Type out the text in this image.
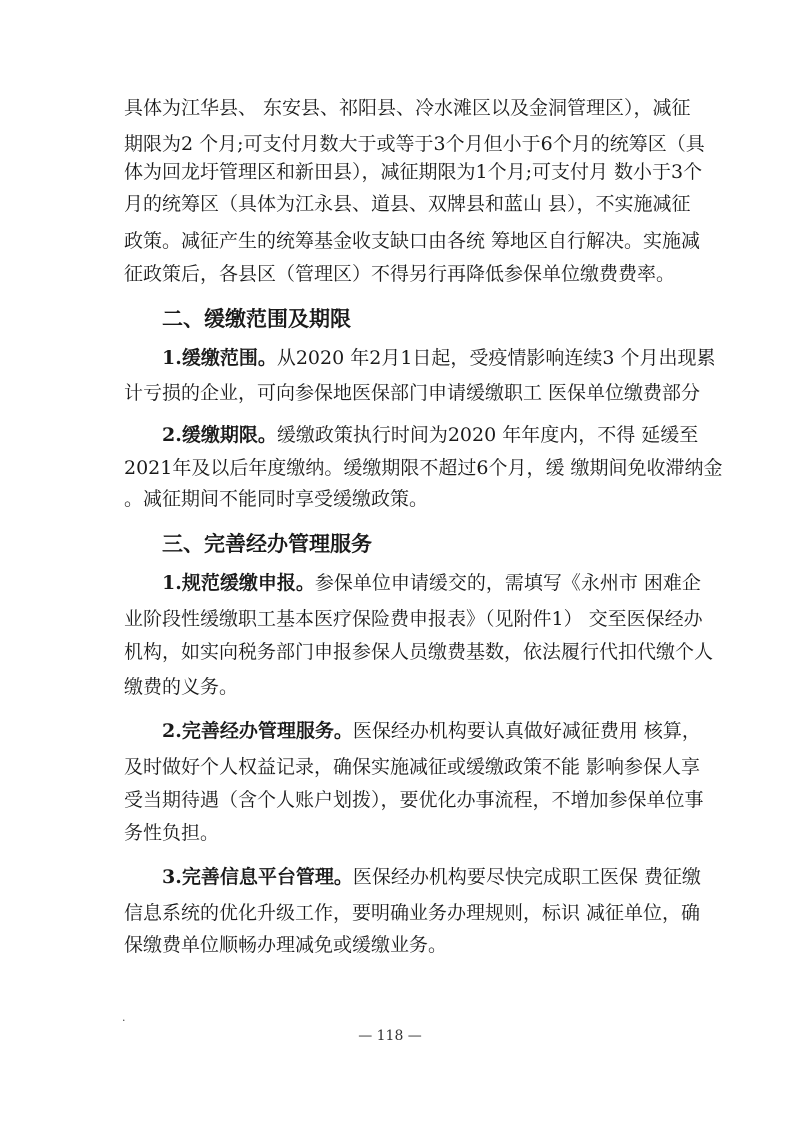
具体为江华县、 东安县、祁阳县、冷水滩区以及金洞管理区），减征
期限为2 个月;可支付月数大于或等于3个月但小于6个月的统筹区（具
体为回龙圩管理区和新田县），减征期限为1个月;可支付月 数小于3个
月的统筹区（具体为江永县、道县、双牌县和蓝山 县），不实施减征
政策。减征产生的统筹基金收支缺口由各统 筹地区自行解决。实施减
征政策后，各县区（管理区）不得另行再降低参保单位缴费费率。
二、缓缴范围及期限
1.缓缴范围。从2020 年2月1日起，受疫情影响连续3 个月出现累
计亏损的企业，可向参保地医保部门申请缓缴职工 医保单位缴费部分
2.缓缴期限。缓缴政策执行时间为2020 年年度内，不得 延缓至
2021年及以后年度缴纳。缓缴期限不超过6个月，缓 缴期间免收滞纳金
。减征期间不能同时享受缓缴政策。
三、完善经办管理服务
1.规范缓缴申报。参保单位申请缓交的，需填写《永州市 困难企
业阶段性缓缴职工基本医疗保险费申报表》（见附件1） 交至医保经办
机构，如实向税务部门申报参保人员缴费基数，依法履行代扣代缴个人
缴费的义务。
2.完善经办管理服务。医保经办机构要认真做好减征费用 核算，
及时做好个人权益记录，确保实施减征或缓缴政策不能 影响参保人享
受当期待遇（含个人账户划拨），要优化办事流程，不增加参保单位事
务性负担。
3.完善信息平台管理。医保经办机构要尽快完成职工医保 费征缴
信息系统的优化升级工作，要明确业务办理规则，标识 减征单位，确
保缴费单位顺畅办理减免或缓缴业务。
·
— 118 —
